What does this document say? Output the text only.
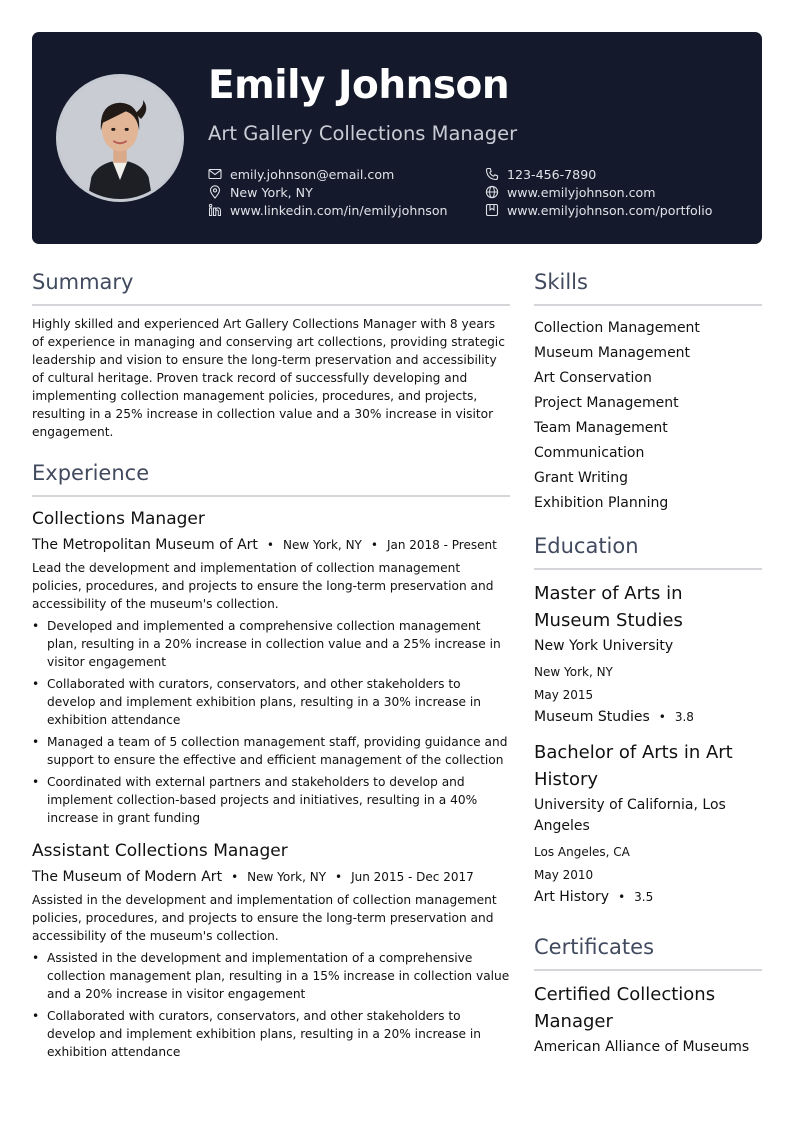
Emily Johnson
Art Gallery Collections Manager
emily.johnson@email.com	123-456-7890
New York, NY	www.emilyjohnson.com
www.linkedin.com/in/emilyjohnson	www.emilyjohnson.com/portfolio
Summary
Highly skilled and experienced Art Gallery Collections Manager with 8 years of experience in managing and conserving art collections, providing strategic leadership and vision to ensure the long-term preservation and accessibility of cultural heritage. Proven track record of successfully developing and implementing collection management policies, procedures, and projects, resulting in a 25% increase in collection value and a 30% increase in visitor engagement.
Experience
Collections Manager
The Metropolitan Museum of Art • New York, NY • Jan 2018 - Present
Lead the development and implementation of collection management policies, procedures, and projects to ensure the long-term preservation and accessibility of the museum's collection.
• Developed and implemented a comprehensive collection management plan, resulting in a 20% increase in collection value and a 25% increase in visitor engagement
• Collaborated with curators, conservators, and other stakeholders to develop and implement exhibition plans, resulting in a 30% increase in exhibition attendance
• Managed a team of 5 collection management staff, providing guidance and support to ensure the effective and efficient management of the collection
• Coordinated with external partners and stakeholders to develop and implement collection-based projects and initiatives, resulting in a 40% increase in grant funding
Assistant Collections Manager
The Museum of Modern Art • New York, NY • Jun 2015 - Dec 2017
Assisted in the development and implementation of collection management policies, procedures, and projects to ensure the long-term preservation and accessibility of the museum's collection.
• Assisted in the development and implementation of a comprehensive collection management plan, resulting in a 15% increase in collection value and a 20% increase in visitor engagement
• Collaborated with curators, conservators, and other stakeholders to develop and implement exhibition plans, resulting in a 20% increase in exhibition attendance
Skills
Collection Management
Museum Management
Art Conservation
Project Management
Team Management
Communication
Grant Writing
Exhibition Planning
Education
Master of Arts in Museum Studies
New York University
New York, NY
May 2015
Museum Studies • 3.8
Bachelor of Arts in Art History
University of California, Los Angeles
Los Angeles, CA
May 2010
Art History • 3.5
Certificates
Certified Collections Manager
American Alliance of Museums
